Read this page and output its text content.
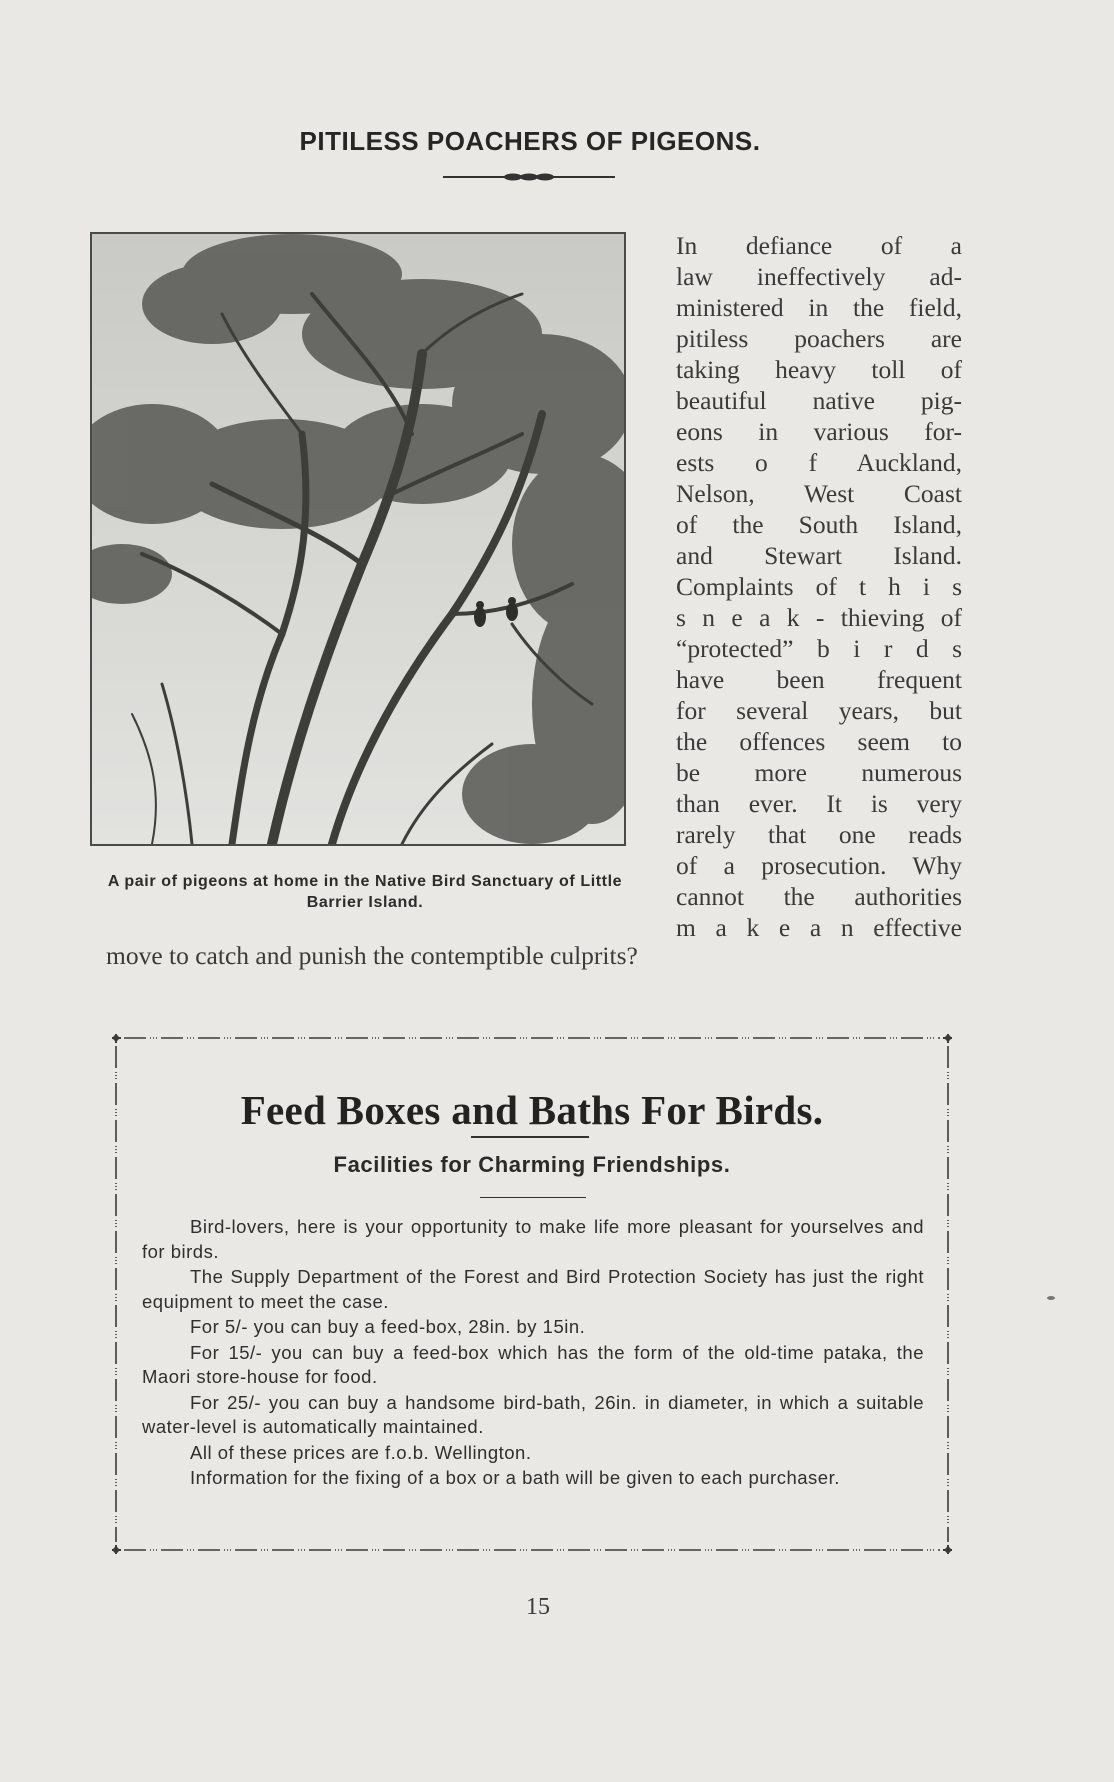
PITILESS POACHERS OF PIGEONS.
A pair of pigeons at home in the Native Bird Sanctuary of Little Barrier Island.
In defiance of a
law ineffectively ad-
ministered in the field,
pitiless poachers are
taking heavy toll of
beautiful native pig-
eons in various for-
ests o f Auckland,
Nelson, West Coast
of the South Island,
and Stewart Island.
Complaints of t h i s
s n e a k - thieving of
“protected” b i r d s
have been frequent
for several years, but
the offences seem to
be more numerous
than ever. It is very
rarely that one reads
of a prosecution. Why
cannot the authorities
m a k e a n effective
move to catch and punish the contemptible culprits?
Feed Boxes and Baths For Birds.
Facilities for Charming Friendships.

Bird-lovers, here is your opportunity to make life more pleasant for yourselves and for birds.

The Supply Department of the Forest and Bird Protection Society has just the right equipment to meet the case.

For 5/- you can buy a feed-box, 28in. by 15in.

For 15/- you can buy a feed-box which has the form of the old-time pataka, the Maori store-house for food.

For 25/- you can buy a handsome bird-bath, 26in. in diameter, in which a suitable water-level is automatically maintained.

All of these prices are f.o.b. Wellington.

Information for the fixing of a box or a bath will be given to each purchaser.

15
